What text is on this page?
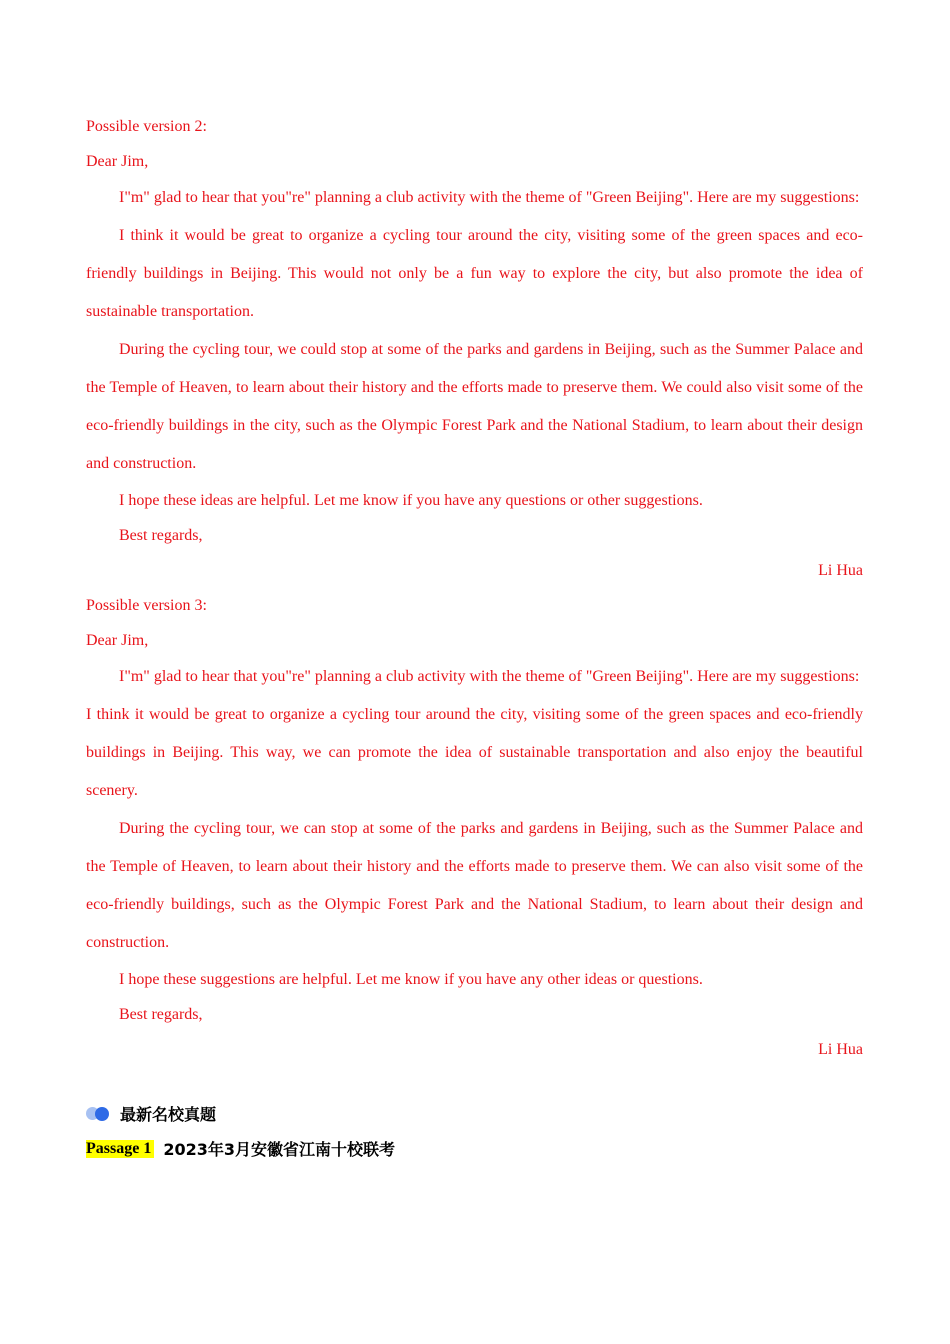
Possible version 2:

Dear Jim,

I"m" glad to hear that you"re" planning a club activity with the theme of "Green Beijing". Here are my suggestions:

I think it would be great to organize a cycling tour around the city, visiting some of the green spaces and eco-friendly buildings in Beijing. This would not only be a fun way to explore the city, but also promote the idea of sustainable transportation.

During the cycling tour, we could stop at some of the parks and gardens in Beijing, such as the Summer Palace and the Temple of Heaven, to learn about their history and the efforts made to preserve them. We could also visit some of the eco-friendly buildings in the city, such as the Olympic Forest Park and the National Stadium, to learn about their design and construction.

I hope these ideas are helpful. Let me know if you have any questions or other suggestions.

Best regards,

Li Hua

Possible version 3:

Dear Jim,

I"m" glad to hear that you"re" planning a club activity with the theme of "Green Beijing". Here are my suggestions:

I think it would be great to organize a cycling tour around the city, visiting some of the green spaces and eco-friendly buildings in Beijing. This way, we can promote the idea of sustainable transportation and also enjoy the beautiful scenery.

During the cycling tour, we can stop at some of the parks and gardens in Beijing, such as the Summer Palace and the Temple of Heaven, to learn about their history and the efforts made to preserve them. We can also visit some of the eco-friendly buildings, such as the Olympic Forest Park and the National Stadium, to learn about their design and construction.

I hope these suggestions are helpful. Let me know if you have any other ideas or questions.

Best regards,

Li Hua

最新名校真题
Passage 1 2023年3月安徽省江南十校联考
